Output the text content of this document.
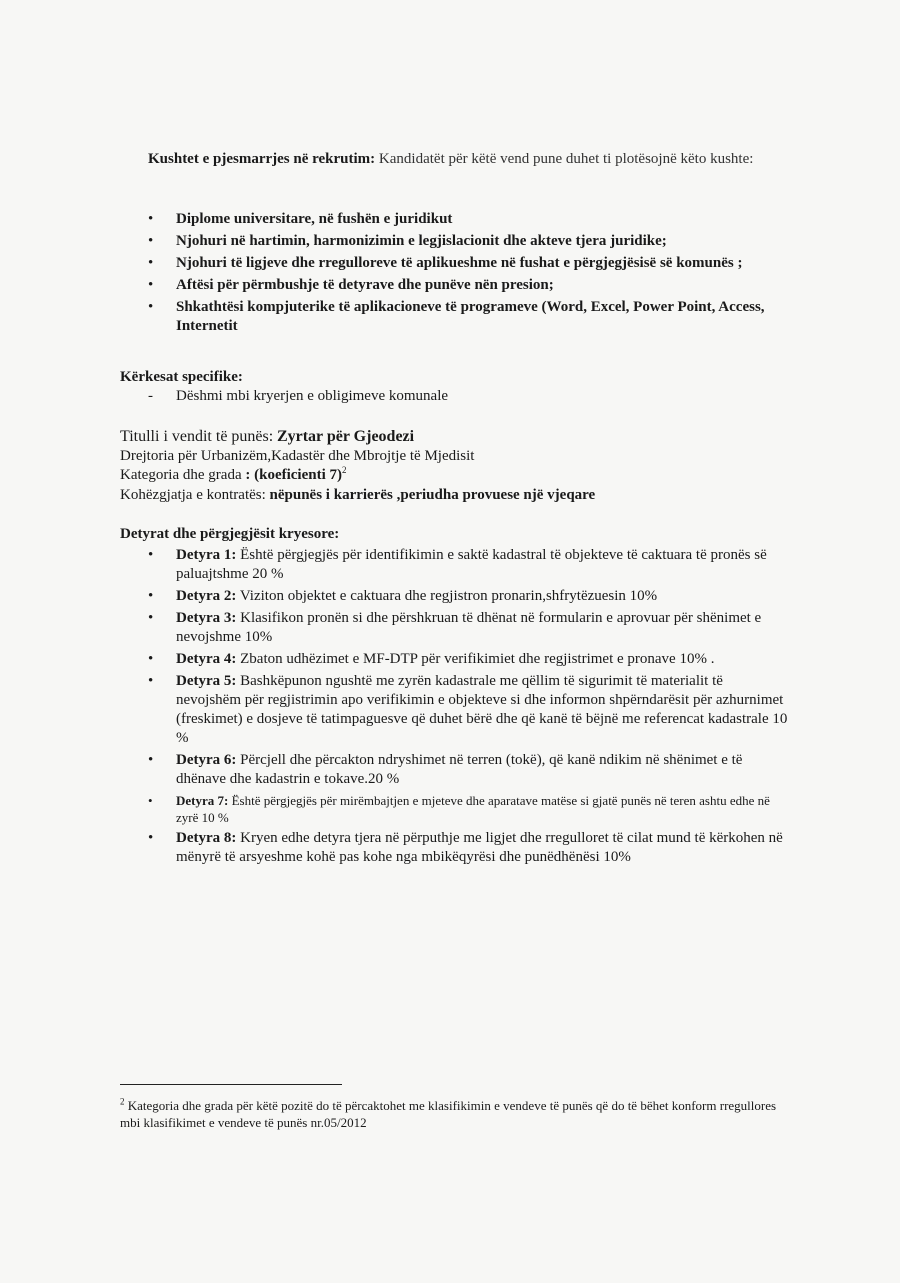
Kushtet e pjesmarrjes në rekrutim: Kandidatët për këtë vend pune duhet ti plotësojnë këto kushte:
• Diplome universitare, në fushën e juridikut
• Njohuri në hartimin, harmonizimin e legjislacionit dhe akteve tjera juridike;
• Njohuri të ligjeve dhe rregulloreve të aplikueshme në fushat e përgjegjësisë së komunës ;
• Aftësi për përmbushje të detyrave dhe punëve nën presion;
• Shkathtësi kompjuterike të aplikacioneve të programeve (Word, Excel, Power Point, Access, Internetit
Kërkesat specifike:
- Dëshmi mbi kryerjen e obligimeve komunale
Titulli i vendit të punës: Zyrtar për Gjeodezi
Drejtoria për Urbanizëm,Kadastër dhe Mbrojtje të Mjedisit
Kategoria dhe grada : (koeficienti 7)$^2$
Kohëzgjatja e kontratës: nëpunës i karrierës ,periudha provuese një vjeqare
Detyrat dhe përgjegjësit kryesore:
• Detyra 1: Është përgjegjës për identifikimin e saktë kadastral të objekteve të caktuara të pronës së paluajtshme 20 %
• Detyra 2: Viziton objektet e caktuara dhe regjistron pronarin,shfrytëzuesin 10%
• Detyra 3: Klasifikon pronën si dhe përshkruan të dhënat në formularin e aprovuar për shënimet e nevojshme 10%
• Detyra 4: Zbaton udhëzimet e MF-DTP për verifikimiet dhe regjistrimet e pronave 10% .
• Detyra 5: Bashkëpunon ngushtë me zyrën kadastrale me qëllim të sigurimit të materialit të nevojshëm për regjistrimin apo verifikimin e objekteve si dhe informon shpërndarësit për azhurnimet (freskimet) e dosjeve të tatimpaguesve që duhet bërë dhe që kanë të bëjnë me referencat kadastrale 10 %
• Detyra 6: Përcjell dhe përcakton ndryshimet në terren (tokë), që kanë ndikim në shënimet e të dhënave dhe kadastrin e tokave.20 %
• Detyra 7: Është përgjegjës për mirëmbajtjen e mjeteve dhe aparatave matëse si gjatë punës në teren ashtu edhe në zyrë 10 %
• Detyra 8: Kryen edhe detyra tjera në përputhje me ligjet dhe rregulloret të cilat mund të kërkohen në mënyrë të arsyeshme kohë pas kohe nga mbikëqyrësi dhe punëdhënësi 10%
$^2$ Kategoria dhe grada për këtë pozitë do të përcaktohet me klasifikimin e vendeve të punës që do të bëhet konform rregullores mbi klasifikimet e vendeve të punës nr.05/2012
